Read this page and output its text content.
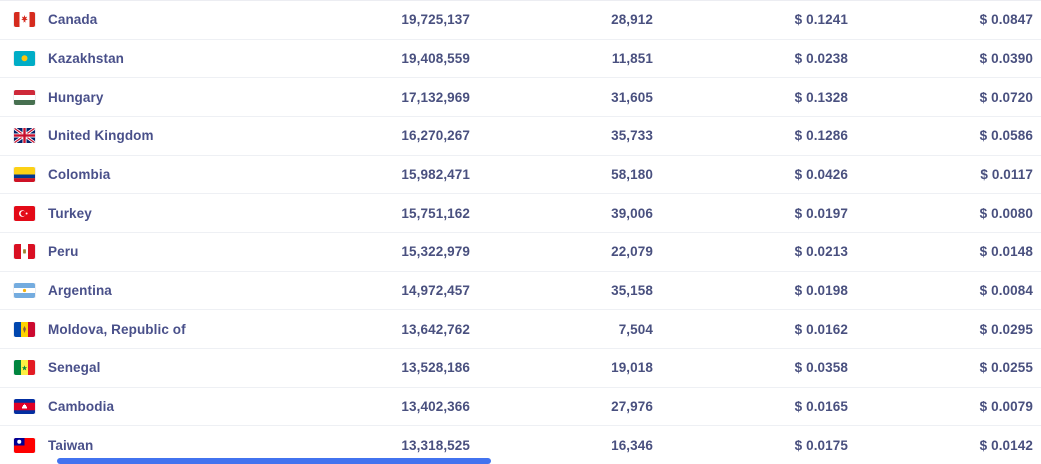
Canada	19,725,137	28,912	$ 0.1241	$ 0.0847
Kazakhstan	19,408,559	11,851	$ 0.0238	$ 0.0390
Hungary	17,132,969	31,605	$ 0.1328	$ 0.0720
United Kingdom	16,270,267	35,733	$ 0.1286	$ 0.0586
Colombia	15,982,471	58,180	$ 0.0426	$ 0.0117
Turkey	15,751,162	39,006	$ 0.0197	$ 0.0080
Peru	15,322,979	22,079	$ 0.0213	$ 0.0148
Argentina	14,972,457	35,158	$ 0.0198	$ 0.0084
Moldova, Republic of	13,642,762	7,504	$ 0.0162	$ 0.0295
Senegal	13,528,186	19,018	$ 0.0358	$ 0.0255
Cambodia	13,402,366	27,976	$ 0.0165	$ 0.0079
Taiwan	13,318,525	16,346	$ 0.0175	$ 0.0142
